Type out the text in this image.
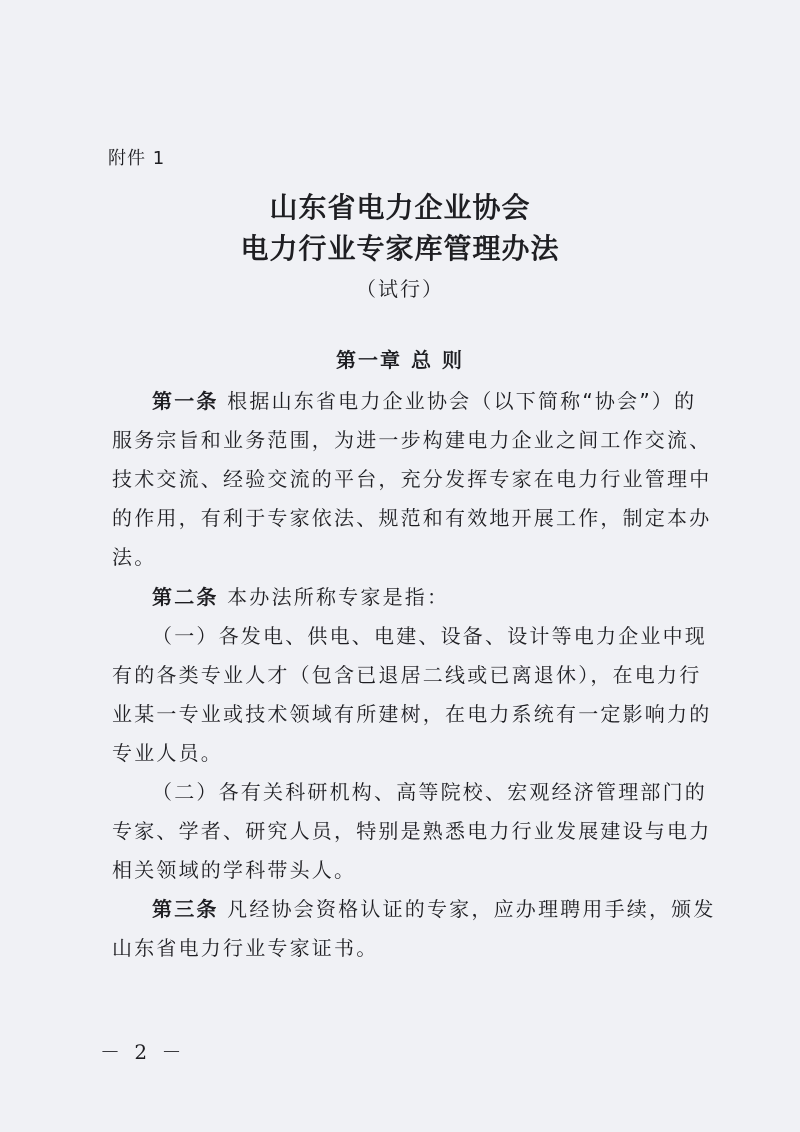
附件 1
山东省电力企业协会
电力行业专家库管理办法
（试行）
第一章 总 则
第一条 根据山东省电力企业协会（以下简称“协会”）的
服务宗旨和业务范围，为进一步构建电力企业之间工作交流、
技术交流、经验交流的平台，充分发挥专家在电力行业管理中
的作用，有利于专家依法、规范和有效地开展工作，制定本办
法。
第二条 本办法所称专家是指：
（一）各发电、供电、电建、设备、设计等电力企业中现
有的各类专业人才（包含已退居二线或已离退休），在电力行
业某一专业或技术领域有所建树，在电力系统有一定影响力的
专业人员。
（二）各有关科研机构、高等院校、宏观经济管理部门的
专家、学者、研究人员，特别是熟悉电力行业发展建设与电力
相关领域的学科带头人。
第三条 凡经协会资格认证的专家，应办理聘用手续，颁发
山东省电力行业专家证书。
－ 2 －
